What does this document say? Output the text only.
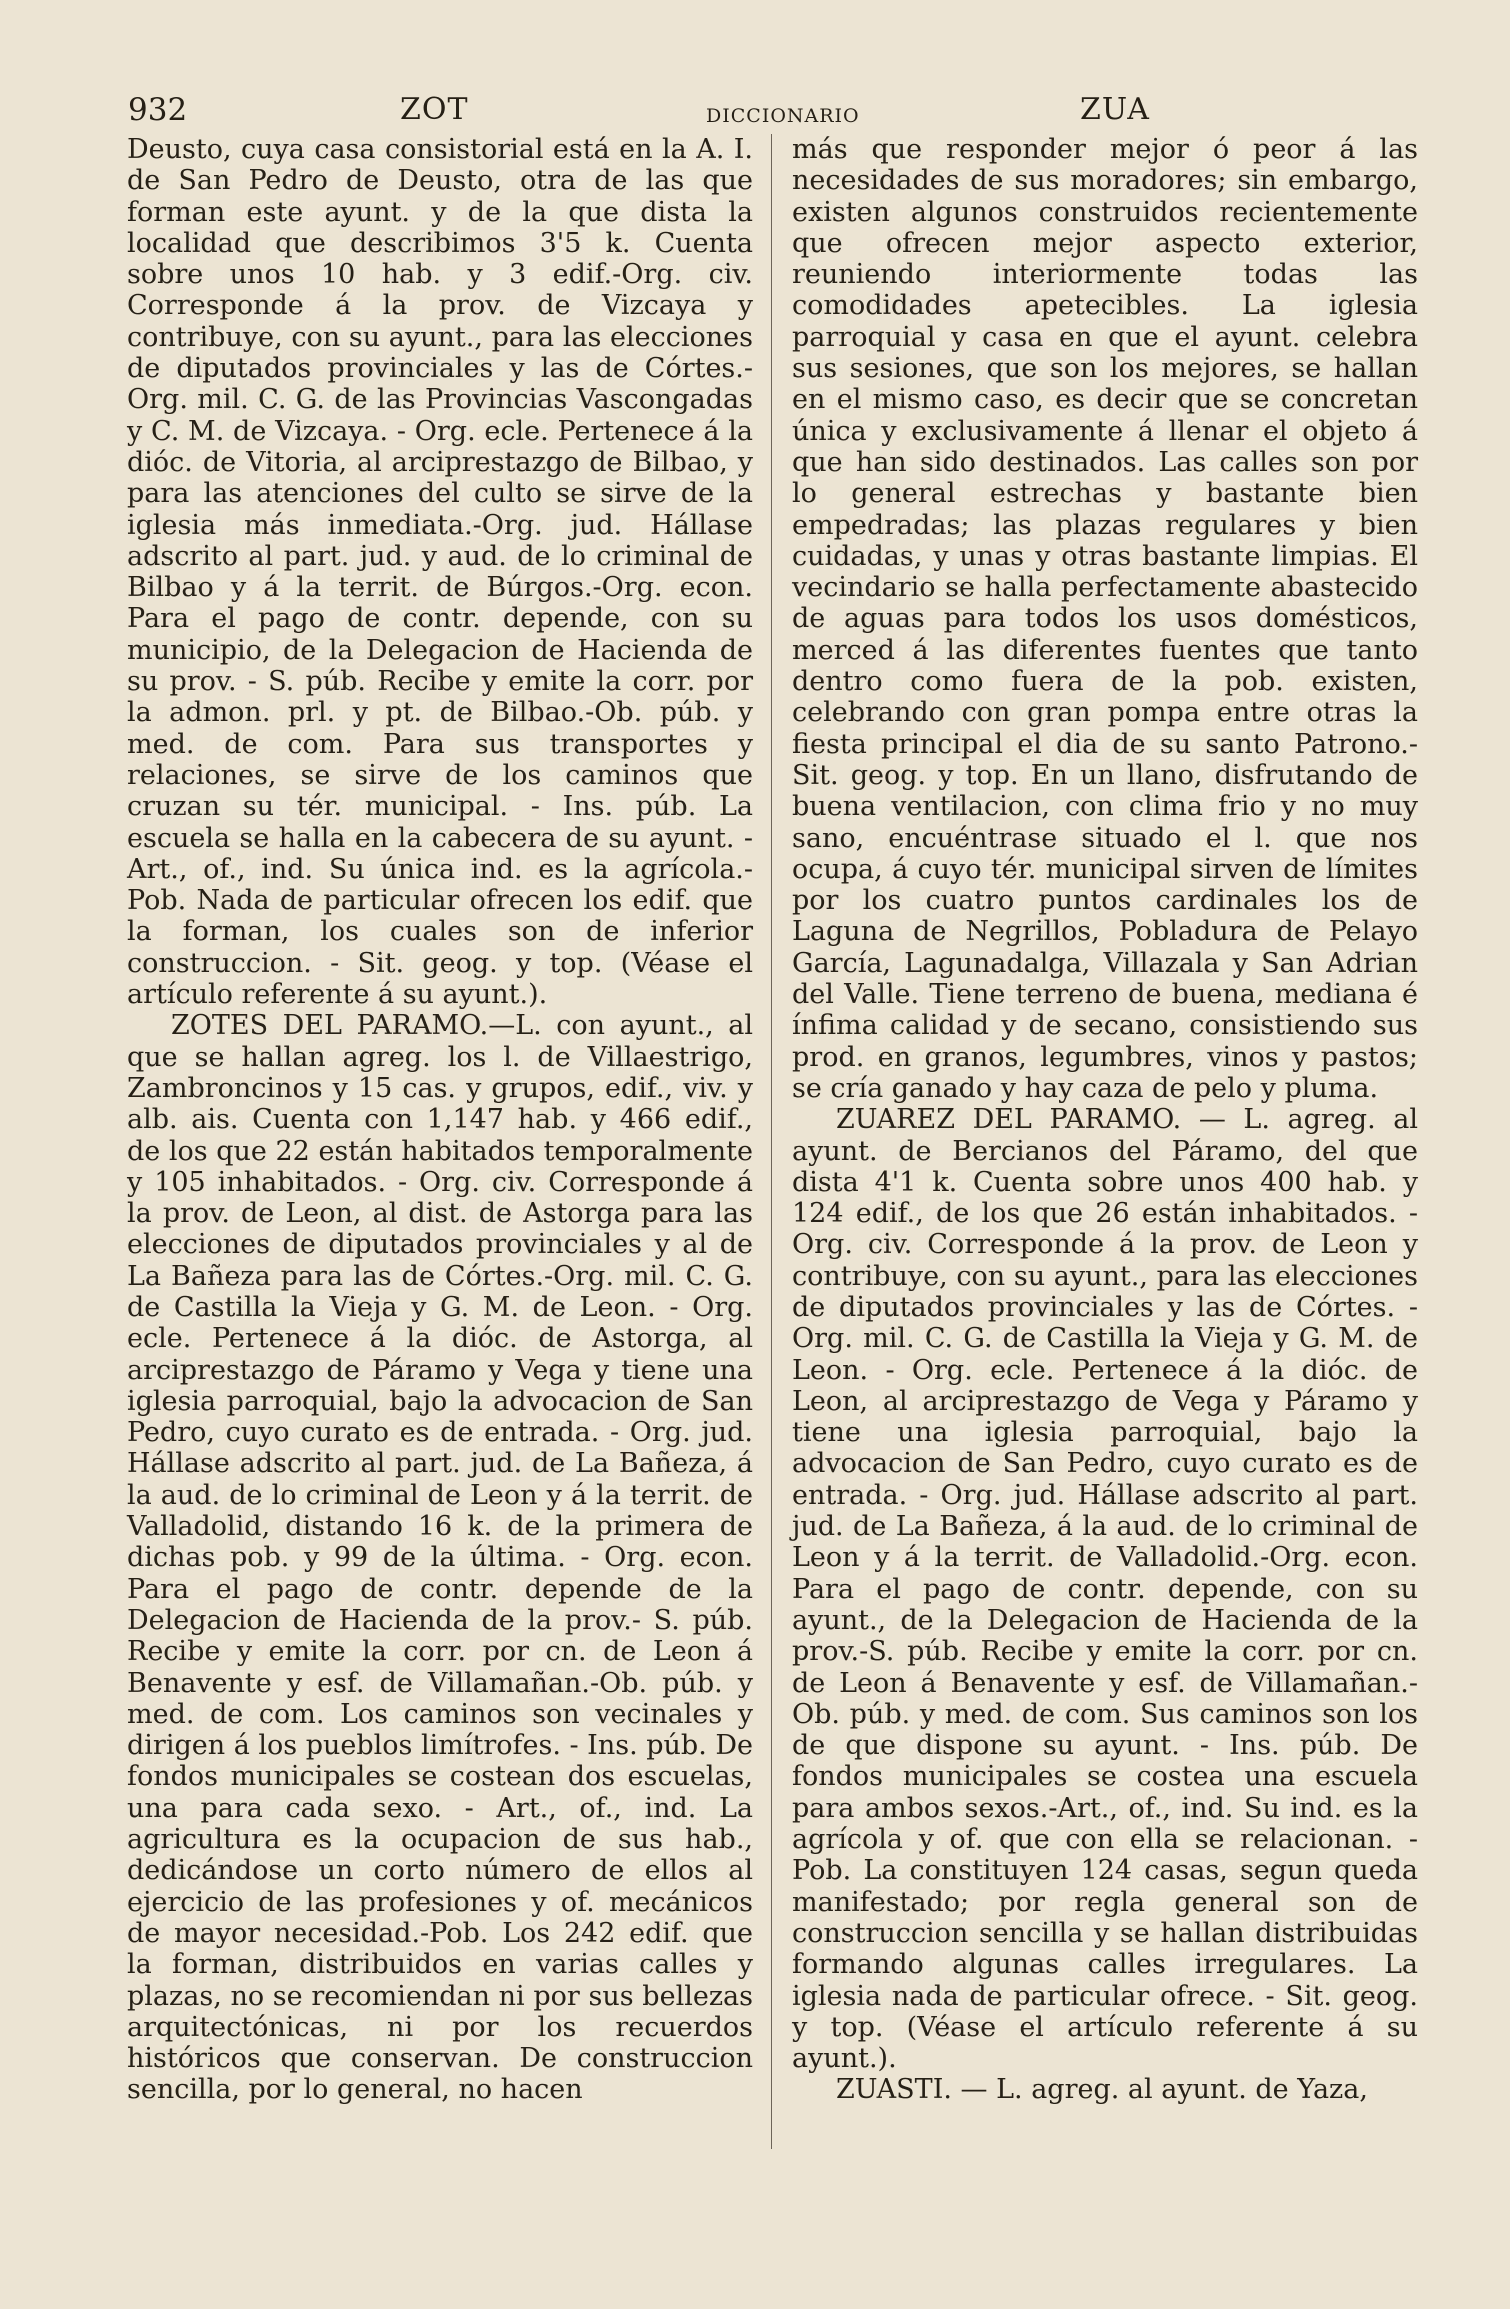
932	ZOT	DICCIONARIO	ZUA

Deusto, cuya casa consistorial está en la A. I. de San Pedro de Deusto, otra de las que forman este ayunt. y de la que dista la localidad que describimos 3'5 k. Cuenta sobre unos 10 hab. y 3 edif.-Org. civ. Corresponde á la prov. de Vizcaya y contribuye, con su ayunt., para las elecciones de diputados provinciales y las de Córtes.-Org. mil. C. G. de las Provincias Vascongadas y C. M. de Vizcaya. - Org. ecle. Pertenece á la dióc. de Vitoria, al arciprestazgo de Bilbao, y para las atenciones del culto se sirve de la iglesia más inmediata.-Org. jud. Hállase adscrito al part. jud. y aud. de lo criminal de Bilbao y á la territ. de Búrgos.-Org. econ. Para el pago de contr. depende, con su municipio, de la Delegacion de Hacienda de su prov. - S. púb. Recibe y emite la corr. por la admon. prl. y pt. de Bilbao.-Ob. púb. y med. de com. Para sus transportes y relaciones, se sirve de los caminos que cruzan su tér. municipal. - Ins. púb. La escuela se halla en la cabecera de su ayunt. - Art., of., ind. Su única ind. es la agrícola.-Pob. Nada de particular ofrecen los edif. que la forman, los cuales son de inferior construccion. - Sit. geog. y top. (Véase el artículo referente á su ayunt.).

ZOTES DEL PARAMO.—L. con ayunt., al que se hallan agreg. los l. de Villaestrigo, Zambroncinos y 15 cas. y grupos, edif., viv. y alb. ais. Cuenta con 1,147 hab. y 466 edif., de los que 22 están habitados temporalmente y 105 inhabitados. - Org. civ. Corresponde á la prov. de Leon, al dist. de Astorga para las elecciones de diputados provinciales y al de La Bañeza para las de Córtes.-Org. mil. C. G. de Castilla la Vieja y G. M. de Leon. - Org. ecle. Pertenece á la dióc. de Astorga, al arciprestazgo de Páramo y Vega y tiene una iglesia parroquial, bajo la advocacion de San Pedro, cuyo curato es de entrada. - Org. jud. Hállase adscrito al part. jud. de La Bañeza, á la aud. de lo criminal de Leon y á la territ. de Valladolid, distando 16 k. de la primera de dichas pob. y 99 de la última. - Org. econ. Para el pago de contr. depende de la Delegacion de Hacienda de la prov.- S. púb. Recibe y emite la corr. por cn. de Leon á Benavente y esf. de Villamañan.-Ob. púb. y med. de com. Los caminos son vecinales y dirigen á los pueblos limítrofes. - Ins. púb. De fondos municipales se costean dos escuelas, una para cada sexo. - Art., of., ind. La agricultura es la ocupacion de sus hab., dedicándose un corto número de ellos al ejercicio de las profesiones y of. mecánicos de mayor necesidad.-Pob. Los 242 edif. que la forman, distribuidos en varias calles y plazas, no se recomiendan ni por sus bellezas arquitectónicas, ni por los recuerdos históricos que conservan. De construccion sencilla, por lo general, no hacen

más que responder mejor ó peor á las necesidades de sus moradores; sin embargo, existen algunos construidos recientemente que ofrecen mejor aspecto exterior, reuniendo interiormente todas las comodidades apetecibles. La iglesia parroquial y casa en que el ayunt. celebra sus sesiones, que son los mejores, se hallan en el mismo caso, es decir que se concretan única y exclusivamente á llenar el objeto á que han sido destinados. Las calles son por lo general estrechas y bastante bien empedradas; las plazas regulares y bien cuidadas, y unas y otras bastante limpias. El vecindario se halla perfectamente abastecido de aguas para todos los usos domésticos, merced á las diferentes fuentes que tanto dentro como fuera de la pob. existen, celebrando con gran pompa entre otras la fiesta principal el dia de su santo Patrono.- Sit. geog. y top. En un llano, disfrutando de buena ventilacion, con clima frio y no muy sano, encuéntrase situado el l. que nos ocupa, á cuyo tér. municipal sirven de límites por los cuatro puntos cardinales los de Laguna de Negrillos, Pobladura de Pelayo García, Lagunadalga, Villazala y San Adrian del Valle. Tiene terreno de buena, mediana é ínfima calidad y de secano, consistiendo sus prod. en granos, legumbres, vinos y pastos; se cría ganado y hay caza de pelo y pluma.

ZUAREZ DEL PARAMO. — L. agreg. al ayunt. de Bercianos del Páramo, del que dista 4'1 k. Cuenta sobre unos 400 hab. y 124 edif., de los que 26 están inhabitados. - Org. civ. Corresponde á la prov. de Leon y contribuye, con su ayunt., para las elecciones de diputados provinciales y las de Córtes. - Org. mil. C. G. de Castilla la Vieja y G. M. de Leon. - Org. ecle. Pertenece á la dióc. de Leon, al arciprestazgo de Vega y Páramo y tiene una iglesia parroquial, bajo la advocacion de San Pedro, cuyo curato es de entrada. - Org. jud. Hállase adscrito al part. jud. de La Bañeza, á la aud. de lo criminal de Leon y á la territ. de Valladolid.-Org. econ. Para el pago de contr. depende, con su ayunt., de la Delegacion de Hacienda de la prov.-S. púb. Recibe y emite la corr. por cn. de Leon á Benavente y esf. de Villamañan.-Ob. púb. y med. de com. Sus caminos son los de que dispone su ayunt. - Ins. púb. De fondos municipales se costea una escuela para ambos sexos.-Art., of., ind. Su ind. es la agrícola y of. que con ella se relacionan. - Pob. La constituyen 124 casas, segun queda manifestado; por regla general son de construccion sencilla y se hallan distribuidas formando algunas calles irregulares. La iglesia nada de particular ofrece. - Sit. geog. y top. (Véase el artículo referente á su ayunt.).

ZUASTI. — L. agreg. al ayunt. de Yaza,
